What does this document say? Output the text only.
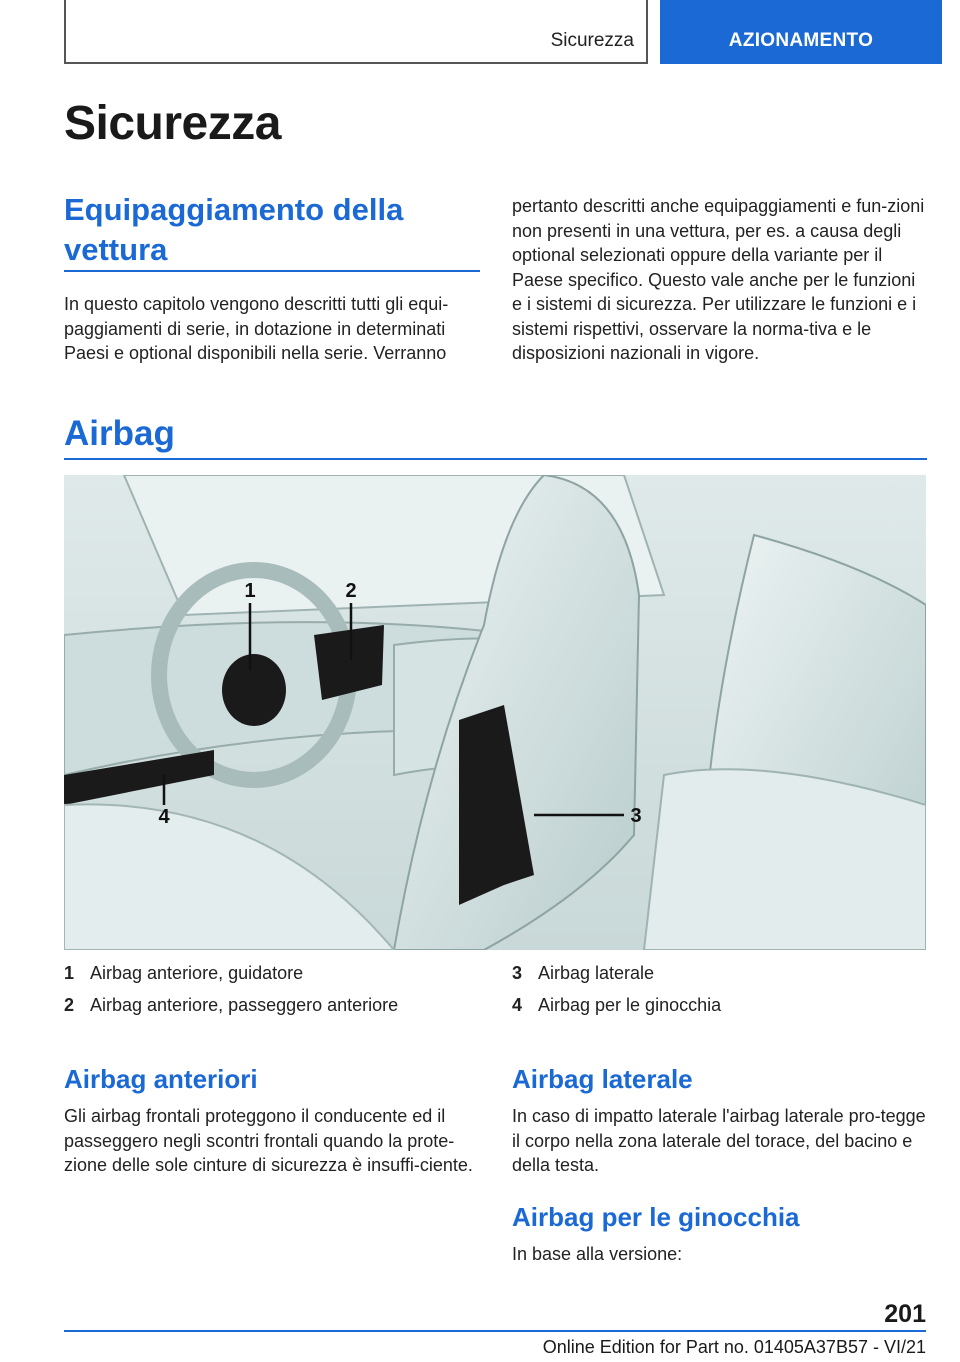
Sicurezza	AZIONAMENTO
Sicurezza
Equipaggiamento della vettura

In questo capitolo vengono descritti tutti gli equi-paggiamenti di serie, in dotazione in determinati Paesi e optional disponibili nella serie. Verranno

pertanto descritti anche equipaggiamenti e fun-zioni non presenti in una vettura, per es. a causa degli optional selezionati oppure della variante per il Paese specifico. Questo vale anche per le funzioni e i sistemi di sicurezza. Per utilizzare le funzioni e i sistemi rispettivi, osservare la norma-tiva e le disposizioni nazionali in vigore.

Airbag
1	2
3
4
1 Airbag anteriore, guidatore
2 Airbag anteriore, passeggero anteriore
3 Airbag laterale
4 Airbag per le ginocchia
Airbag anteriori

Gli airbag frontali proteggono il conducente ed il passeggero negli scontri frontali quando la prote-zione delle sole cinture di sicurezza è insuffi-ciente.

Airbag laterale

In caso di impatto laterale l'airbag laterale pro-tegge il corpo nella zona laterale del torace, del bacino e della testa.

Airbag per le ginocchia

In base alla versione:

201
Online Edition for Part no. 01405A37B57 - VI/21
